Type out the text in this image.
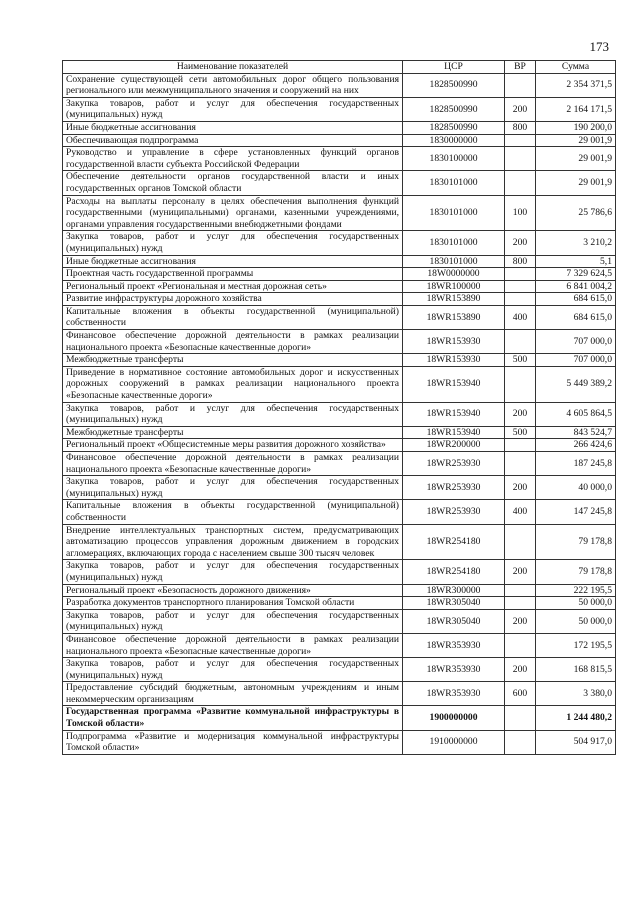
173
Наименование показателей	ЦСР	ВР	Сумма
Сохранение существующей сети автомобильных дорог общего пользования регионального или межмуниципального значения и сооружений на них	1828500990		2 354 371,5
Закупка товаров, работ и услуг для обеспечения государственных (муниципальных) нужд	1828500990	200	2 164 171,5
Иные бюджетные ассигнования	1828500990	800	190 200,0
Обеспечивающая подпрограмма	1830000000		29 001,9
Руководство и управление в сфере установленных функций органов государственной власти субъекта Российской Федерации	1830100000		29 001,9
Обеспечение деятельности органов государственной власти и иных государственных органов Томской области	1830101000		29 001,9
Расходы на выплаты персоналу в целях обеспечения выполнения функций государственными (муниципальными) органами, казенными учреждениями, органами управления государственными внебюджетными фондами	1830101000	100	25 786,6
Закупка товаров, работ и услуг для обеспечения государственных (муниципальных) нужд	1830101000	200	3 210,2
Иные бюджетные ассигнования	1830101000	800	5,1
Проектная часть государственной программы	18W0000000		7 329 624,5
Региональный проект «Региональная и местная дорожная сеть»	18WR100000		6 841 004,2
Развитие инфраструктуры дорожного хозяйства	18WR153890		684 615,0
Капитальные вложения в объекты государственной (муниципальной) собственности	18WR153890	400	684 615,0
Финансовое обеспечение дорожной деятельности в рамках реализации национального проекта «Безопасные качественные дороги»	18WR153930		707 000,0
Межбюджетные трансферты	18WR153930	500	707 000,0
Приведение в нормативное состояние автомобильных дорог и искусственных дорожных сооружений в рамках реализации национального проекта «Безопасные качественные дороги»	18WR153940		5 449 389,2
Закупка товаров, работ и услуг для обеспечения государственных (муниципальных) нужд	18WR153940	200	4 605 864,5
Межбюджетные трансферты	18WR153940	500	843 524,7
Региональный проект «Общесистемные меры развития дорожного хозяйства»	18WR200000		266 424,6
Финансовое обеспечение дорожной деятельности в рамках реализации национального проекта «Безопасные качественные дороги»	18WR253930		187 245,8
Закупка товаров, работ и услуг для обеспечения государственных (муниципальных) нужд	18WR253930	200	40 000,0
Капитальные вложения в объекты государственной (муниципальной) собственности	18WR253930	400	147 245,8
Внедрение интеллектуальных транспортных систем, предусматривающих автоматизацию процессов управления дорожным движением в городских агломерациях, включающих города с населением свыше 300 тысяч человек	18WR254180		79 178,8
Закупка товаров, работ и услуг для обеспечения государственных (муниципальных) нужд	18WR254180	200	79 178,8
Региональный проект «Безопасность дорожного движения»	18WR300000		222 195,5
Разработка документов транспортного планирования Томской области	18WR305040		50 000,0
Закупка товаров, работ и услуг для обеспечения государственных (муниципальных) нужд	18WR305040	200	50 000,0
Финансовое обеспечение дорожной деятельности в рамках реализации национального проекта «Безопасные качественные дороги»	18WR353930		172 195,5
Закупка товаров, работ и услуг для обеспечения государственных (муниципальных) нужд	18WR353930	200	168 815,5
Предоставление субсидий бюджетным, автономным учреждениям и иным некоммерческим организациям	18WR353930	600	3 380,0
Государственная программа «Развитие коммунальной инфраструктуры в Томской области»	1900000000		1 244 480,2
Подпрограмма «Развитие и модернизация коммунальной инфраструктуры Томской области»	1910000000		504 917,0
